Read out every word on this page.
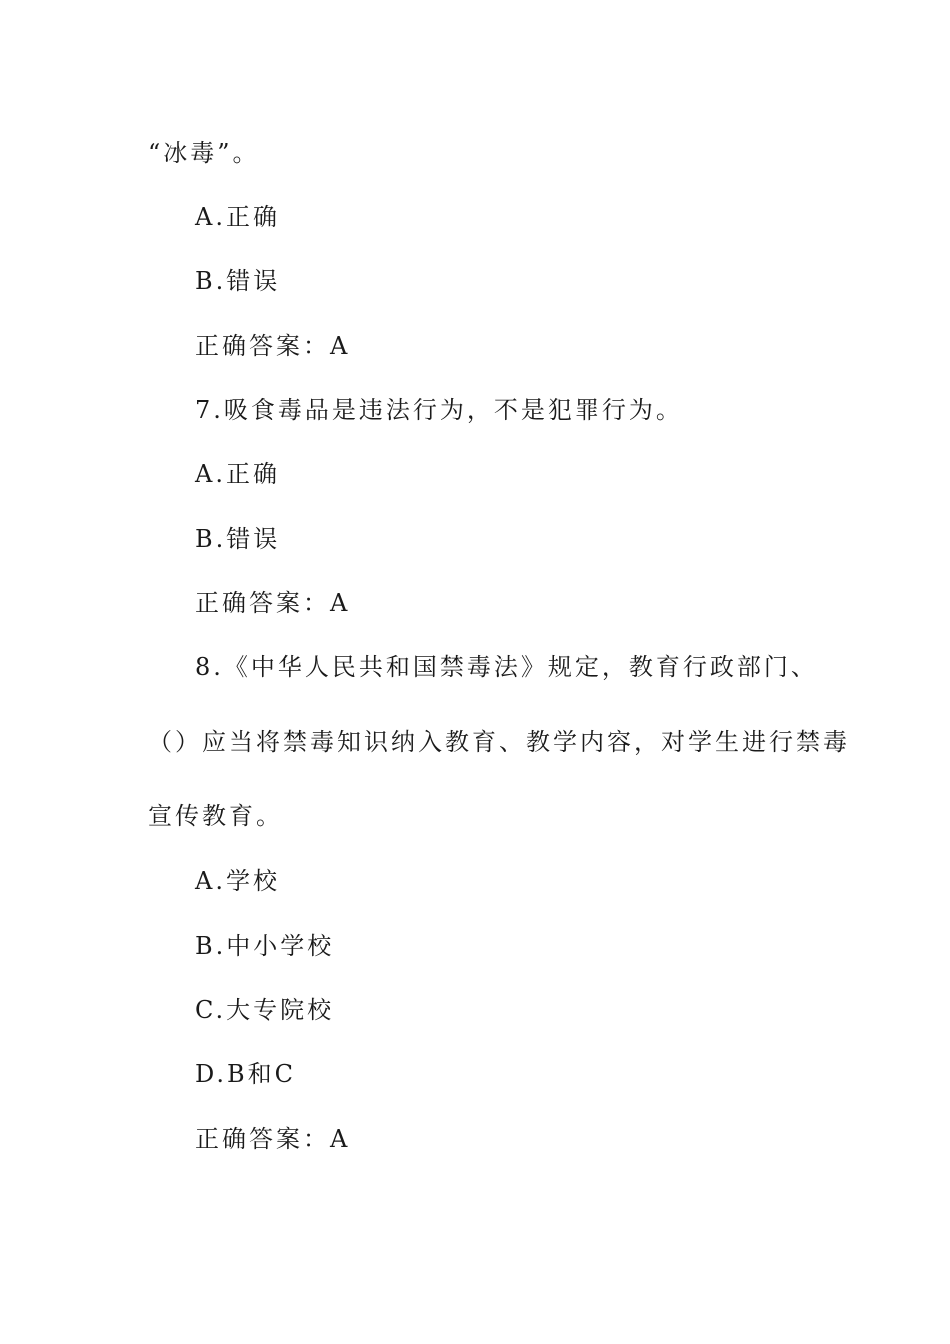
“冰毒”。
A.正确
B.错误
正确答案：A
7.吸食毒品是违法行为，不是犯罪行为。
A.正确
B.错误
正确答案：A
8.《中华人民共和国禁毒法》规定，教育行政部门、
（）应当将禁毒知识纳入教育、教学内容，对学生进行禁毒
宣传教育。
A.学校
B.中小学校
C.大专院校
D.B和C
正确答案：A
